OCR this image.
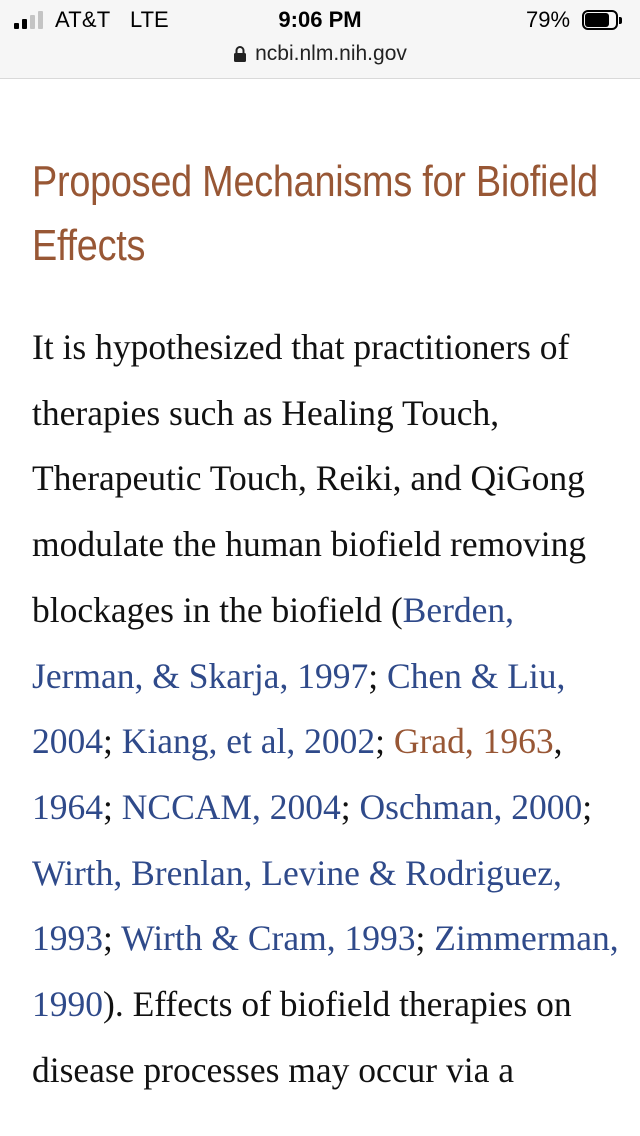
AT&T LTE	9:06 PM	79%
ncbi.nlm.nih.gov
Proposed Mechanisms for Biofield Effects

It is hypothesized that practitioners of therapies such as Healing Touch, Therapeutic Touch, Reiki, and QiGong modulate the human biofield removing blockages in the biofield (Berden, Jerman, & Skarja, 1997; Chen & Liu, 2004; Kiang, et al, 2002; Grad, 1963, 1964; NCCAM, 2004; Oschman, 2000; Wirth, Brenlan, Levine & Rodriguez, 1993; Wirth & Cram, 1993; Zimmerman, 1990). Effects of biofield therapies on disease processes may occur via a
